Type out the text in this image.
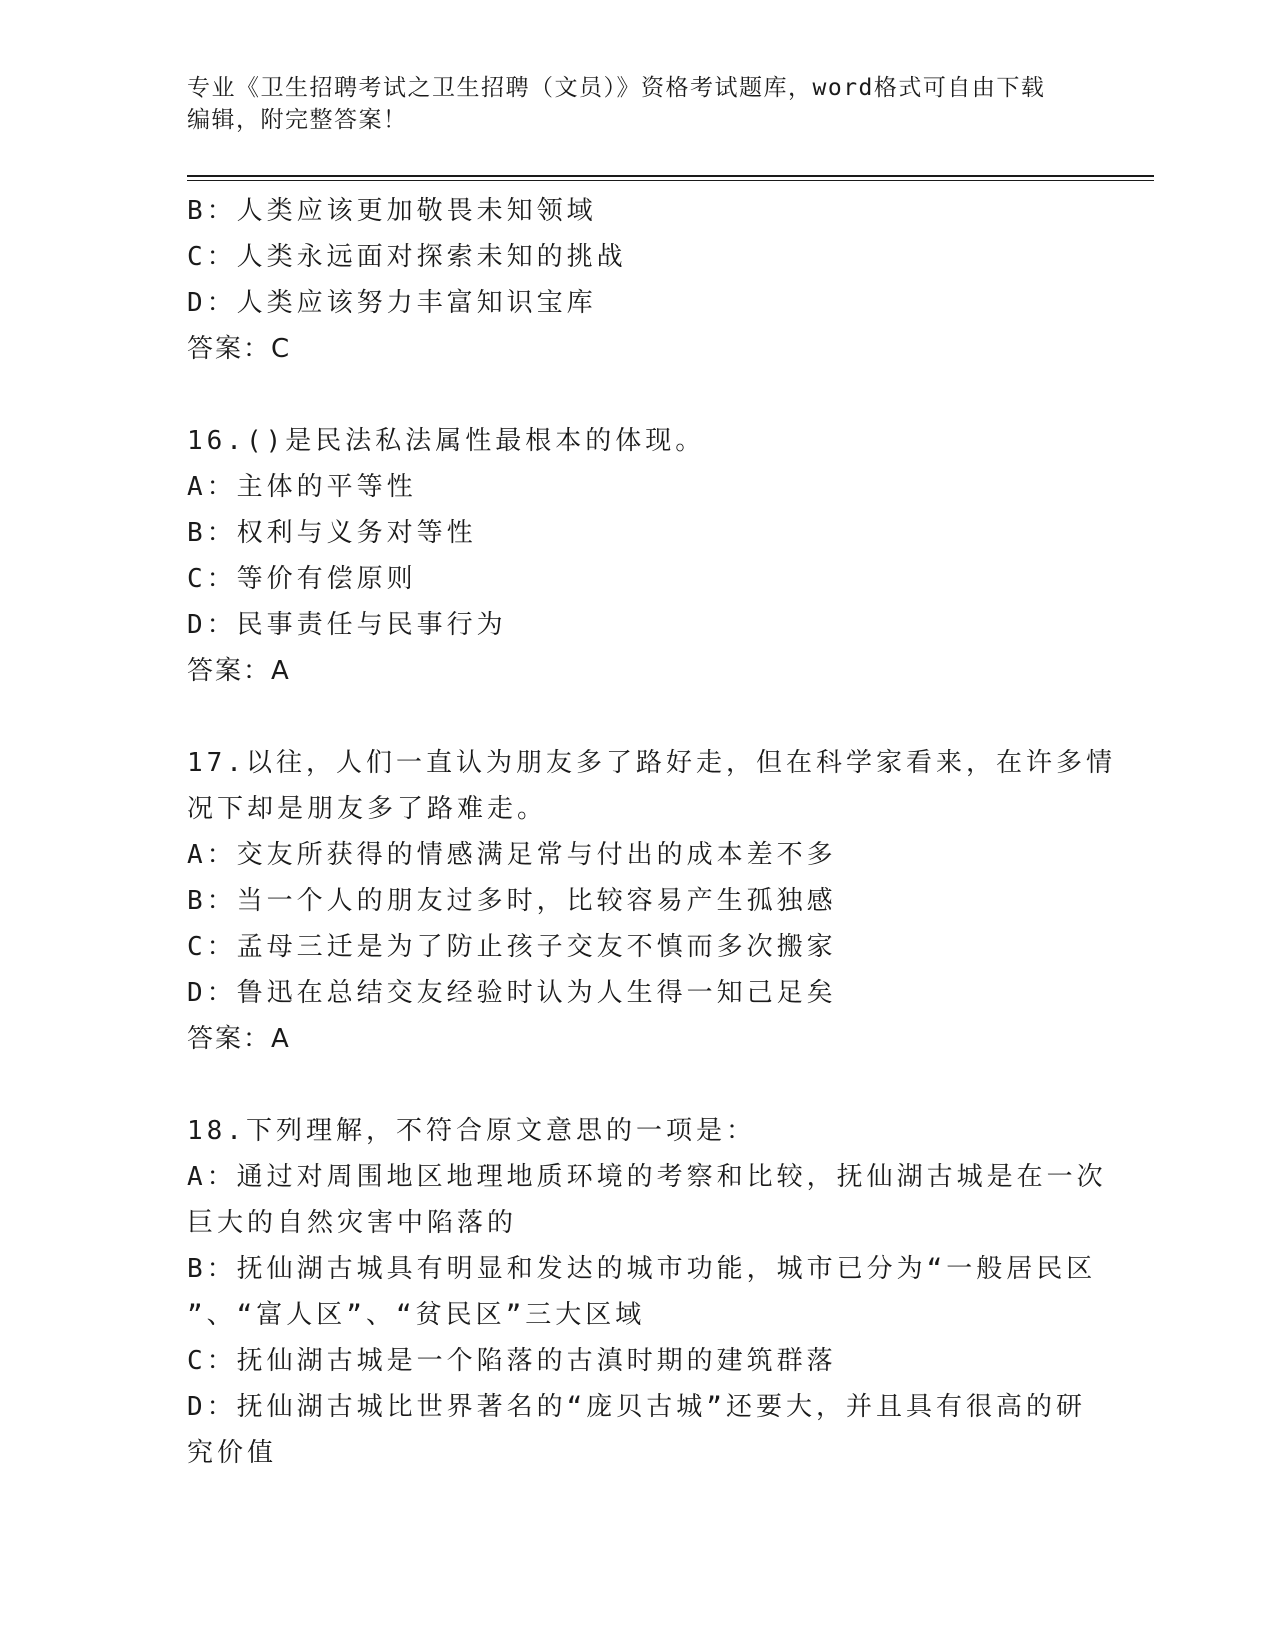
专业《卫生招聘考试之卫生招聘（文员）》资格考试题库，word格式可自由下载
编辑，附完整答案！
B：人类应该更加敬畏未知领域
C：人类永远面对探索未知的挑战
D：人类应该努力丰富知识宝库
答案：C
16.()是民法私法属性最根本的体现。
A：主体的平等性
B：权利与义务对等性
C：等价有偿原则
D：民事责任与民事行为
答案：A
17.以往，人们一直认为朋友多了路好走，但在科学家看来，在许多情
况下却是朋友多了路难走。
A：交友所获得的情感满足常与付出的成本差不多
B：当一个人的朋友过多时，比较容易产生孤独感
C：孟母三迁是为了防止孩子交友不慎而多次搬家
D：鲁迅在总结交友经验时认为人生得一知己足矣
答案：A
18.下列理解，不符合原文意思的一项是：
A：通过对周围地区地理地质环境的考察和比较，抚仙湖古城是在一次
巨大的自然灾害中陷落的
B：抚仙湖古城具有明显和发达的城市功能，城市已分为“一般居民区
”、“富人区”、“贫民区”三大区域
C：抚仙湖古城是一个陷落的古滇时期的建筑群落
D：抚仙湖古城比世界著名的“庞贝古城”还要大，并且具有很高的研
究价值
